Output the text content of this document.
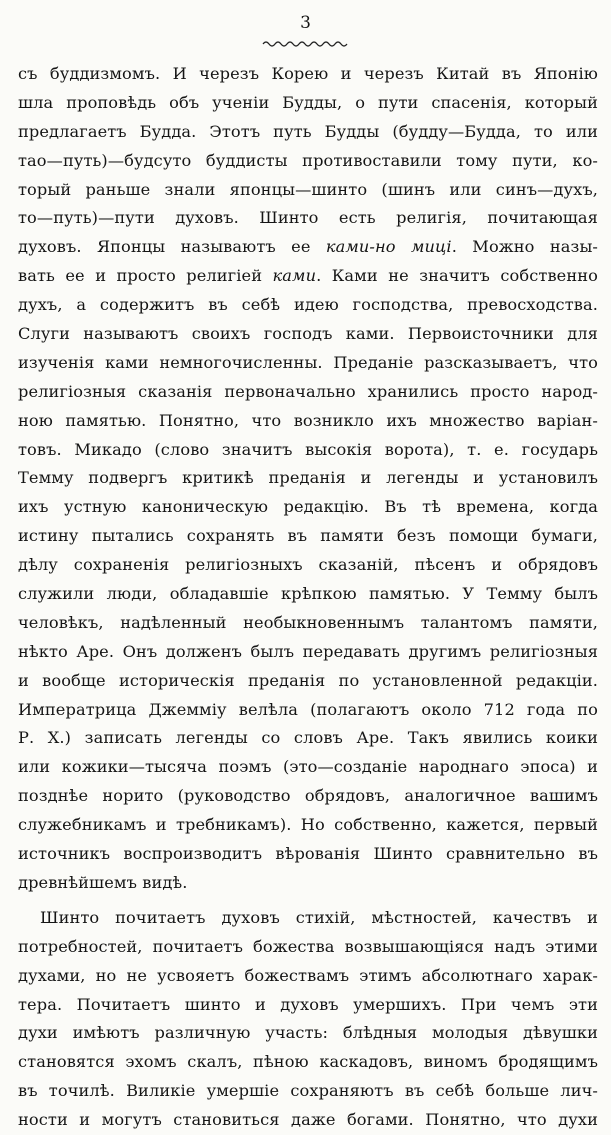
3
съ буддизмомъ. И черезъ Корею и черезъ Китай въ Японію
шла проповѣдь объ ученіи Будды, о пути спасенія, который
предлагаетъ Будда. Этотъ путь Будды (будду—Будда, то или
тао—путь)—будсуто буддисты противоставили тому пути, ко-
торый раньше знали японцы—шинто (шинъ или синъ—духъ,
то—путь)—пути духовъ. Шинто есть религія, почитающая
духовъ. Японцы называютъ ее ками-но мицi. Можно назы-
вать ее и просто религіей ками. Ками не значитъ собственно
духъ, а содержитъ въ себѣ идею господства, превосходства.
Слуги называютъ своихъ господъ ками. Первоисточники для
изученія ками немногочисленны. Преданіе разсказываетъ, что
религіозныя сказанія первоначально хранились просто народ-
ною памятью. Понятно, что возникло ихъ множество варіан-
товъ. Микадо (слово значитъ высокія ворота), т. е. государь
Темму подвергъ критикѣ преданія и легенды и установилъ
ихъ устную каноническую редакцію. Въ тѣ времена, когда
истину пытались сохранять въ памяти безъ помощи бумаги,
дѣлу сохраненія религіозныхъ сказаній, пѣсенъ и обрядовъ
служили люди, обладавшіе крѣпкою памятью. У Темму былъ
человѣкъ, надѣленный необыкновеннымъ талантомъ памяти,
нѣкто Аре. Онъ долженъ былъ передавать другимъ религіозныя
и вообще историческія преданія по установленной редакціи.
Императрица Джеммiу велѣла (полагаютъ около 712 года по
Р. Х.) записать легенды со словъ Аре. Такъ явились коики
или кожики—тысяча поэмъ (это—созданіе народнаго эпоса) и
позднѣе норито (руководство обрядовъ, аналогичное вашимъ
служебникамъ и требникамъ). Но собственно, кажется, первый
источникъ воспроизводитъ вѣрованія Шинто сравнительно въ
древнѣйшемъ видѣ.
Шинто почитаетъ духовъ стихій, мѣстностей, качествъ и
потребностей, почитаетъ божества возвышающіяся надъ этими
духами, но не усвояетъ божествамъ этимъ абсолютнаго харак-
тера. Почитаетъ шинто и духовъ умершихъ. При чемъ эти
духи имѣютъ различную участь: блѣдныя молодыя дѣвушки
становятся эхомъ скалъ, пѣною каскадовъ, виномъ бродящимъ
въ точилѣ. Виликіе умершіе сохраняютъ въ себѣ больше лич-
ности и могутъ становиться даже богами. Понятно, что духи
